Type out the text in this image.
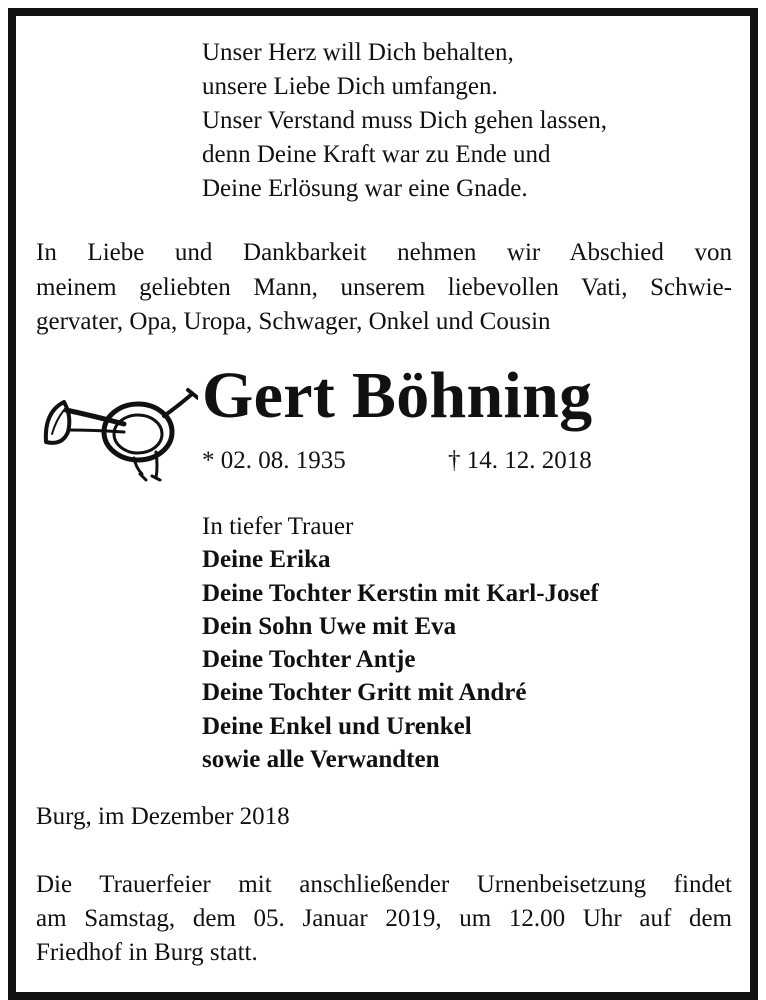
Unser Herz will Dich behalten,
unsere Liebe Dich umfangen.
Unser Verstand muss Dich gehen lassen,
denn Deine Kraft war zu Ende und
Deine Erlösung war eine Gnade.
In Liebe und Dankbarkeit nehmen wir Abschied von
meinem geliebten Mann, unserem liebevollen Vati, Schwie-
gervater, Opa, Uropa, Schwager, Onkel und Cousin
Gert Böhning
* 02. 08. 1935	† 14. 12. 2018
In tiefer Trauer
Deine Erika
Deine Tochter Kerstin mit Karl-Josef
Dein Sohn Uwe mit Eva
Deine Tochter Antje
Deine Tochter Gritt mit André
Deine Enkel und Urenkel
sowie alle Verwandten
Burg, im Dezember 2018
Die Trauerfeier mit anschließender Urnenbeisetzung findet
am Samstag, dem 05. Januar 2019, um 12.00 Uhr auf dem
Friedhof in Burg statt.
